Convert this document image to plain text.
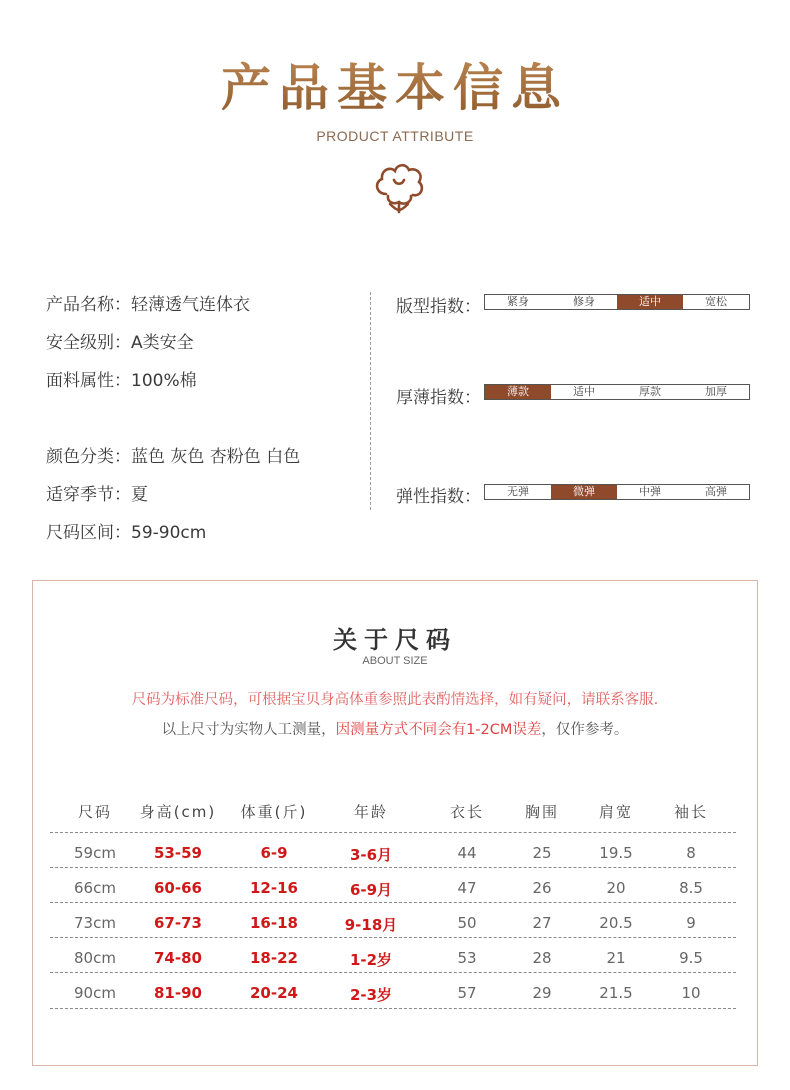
产品基本信息
PRODUCT ATTRIBUTE
产品名称：轻薄透气连体衣
安全级别：A类安全
面料属性：100%棉
颜色分类：蓝色 灰色 杏粉色 白色
适穿季节：夏
尺码区间：59-90cm
版型指数：	紧身	修身	适中	宽松
厚薄指数：	薄款	适中	厚款	加厚
弹性指数：	无弹	微弹	中弹	高弹
关于尺码
ABOUT SIZE
尺码为标准尺码，可根据宝贝身高体重参照此表酌情选择，如有疑问，请联系客服.
以上尺寸为实物人工测量，因测量方式不同会有1-2CM误差，仅作参考。
尺码	身高(cm)	体重(斤)	年龄	衣长	胸围	肩宽	袖长
59cm	53-59	6-9	3-6月	44	25	19.5	8
66cm	60-66	12-16	6-9月	47	26	20	8.5
73cm	67-73	16-18	9-18月	50	27	20.5	9
80cm	74-80	18-22	1-2岁	53	28	21	9.5
90cm	81-90	20-24	2-3岁	57	29	21.5	10
